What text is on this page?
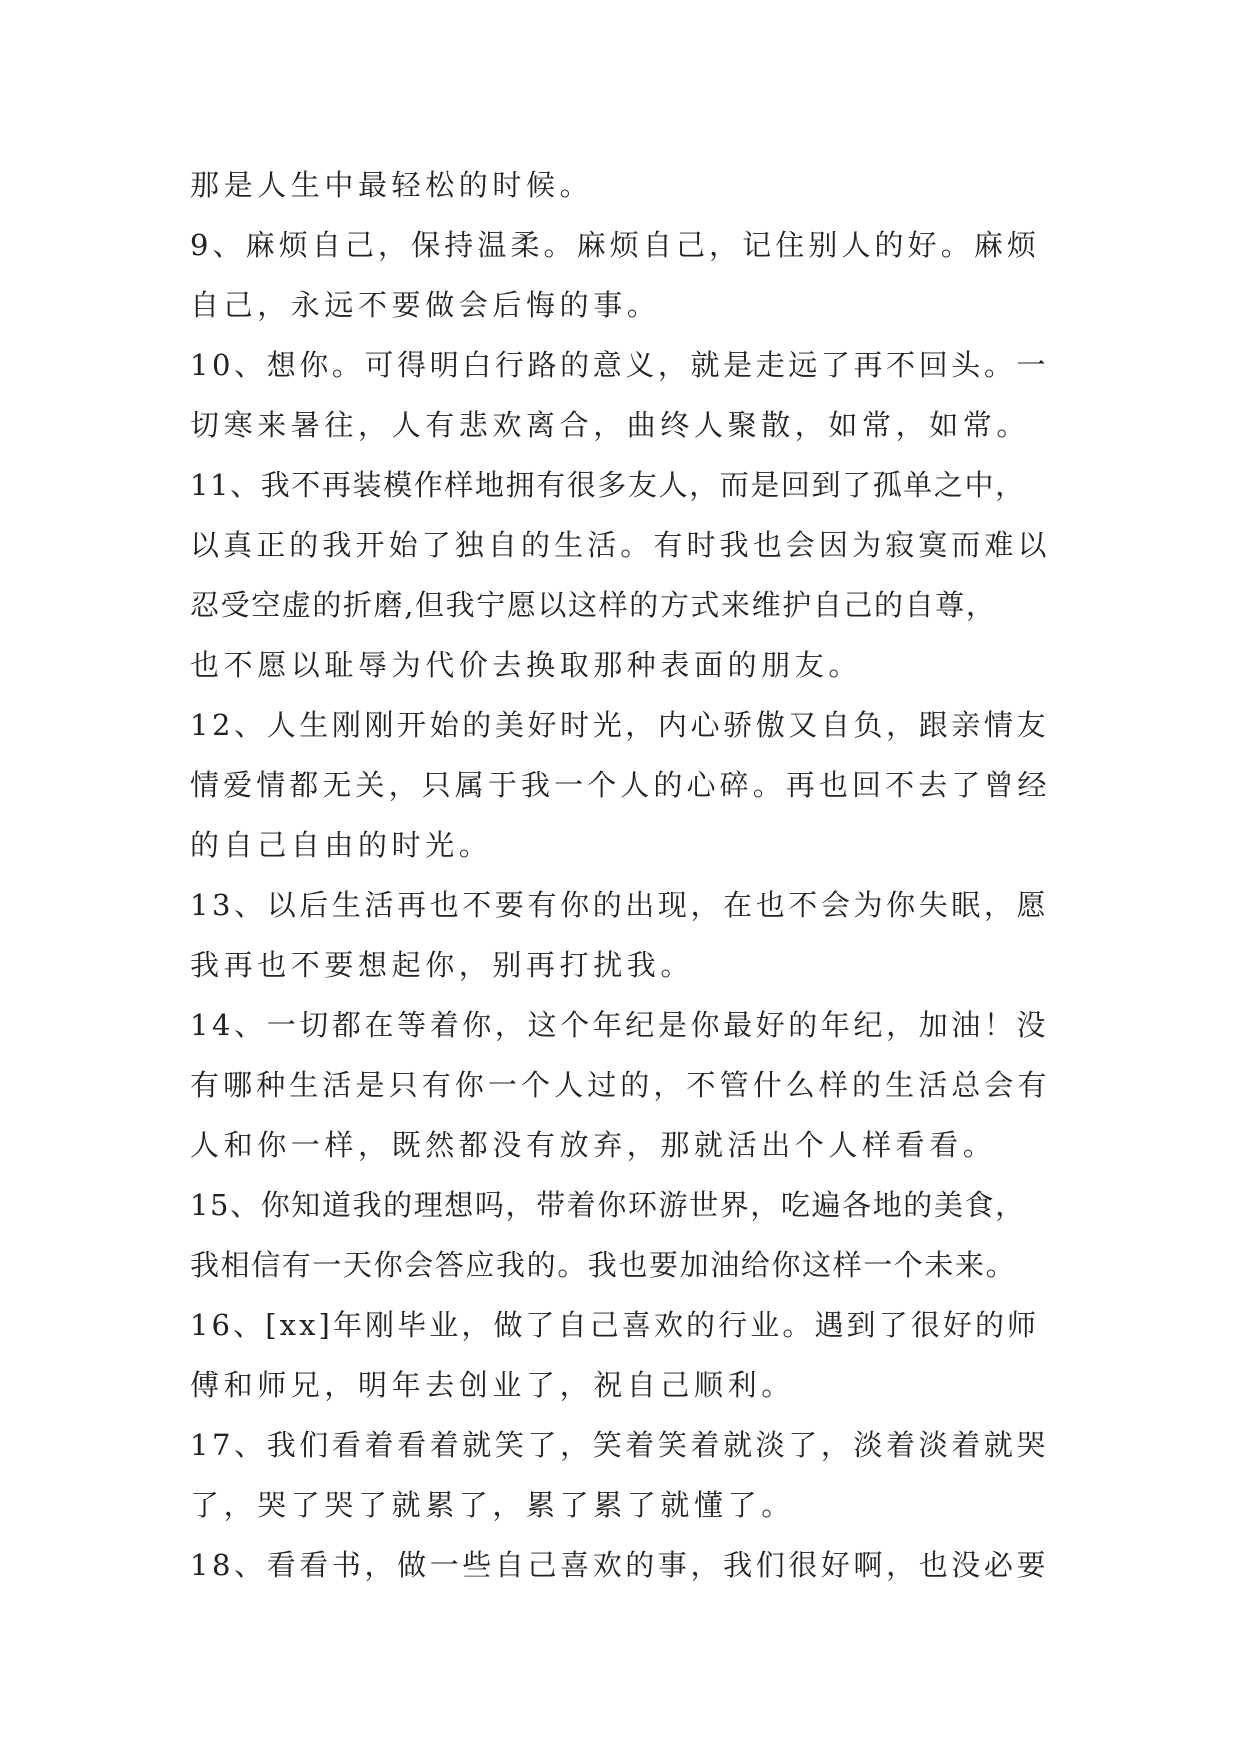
那是人生中最轻松的时候。
9、麻烦自己，保持温柔。麻烦自己，记住别人的好。麻烦
自己，永远不要做会后悔的事。
10、想你。可得明白行路的意义，就是走远了再不回头。一
切寒来暑往，人有悲欢离合，曲终人聚散，如常，如常。
11、我不再装模作样地拥有很多友人，而是回到了孤单之中，
以真正的我开始了独自的生活。有时我也会因为寂寞而难以
忍受空虚的折磨,但我宁愿以这样的方式来维护自己的自尊，
也不愿以耻辱为代价去换取那种表面的朋友。
12、人生刚刚开始的美好时光，内心骄傲又自负，跟亲情友
情爱情都无关，只属于我一个人的心碎。再也回不去了曾经
的自己自由的时光。
13、以后生活再也不要有你的出现，在也不会为你失眠，愿
我再也不要想起你，别再打扰我。
14、一切都在等着你，这个年纪是你最好的年纪，加油！没
有哪种生活是只有你一个人过的，不管什么样的生活总会有
人和你一样，既然都没有放弃，那就活出个人样看看。
15、你知道我的理想吗，带着你环游世界，吃遍各地的美食，
我相信有一天你会答应我的。我也要加油给你这样一个未来。
16、[xx]年刚毕业，做了自己喜欢的行业。遇到了很好的师
傅和师兄，明年去创业了，祝自己顺利。
17、我们看着看着就笑了，笑着笑着就淡了，淡着淡着就哭
了，哭了哭了就累了，累了累了就懂了。
18、看看书，做一些自己喜欢的事，我们很好啊，也没必要
